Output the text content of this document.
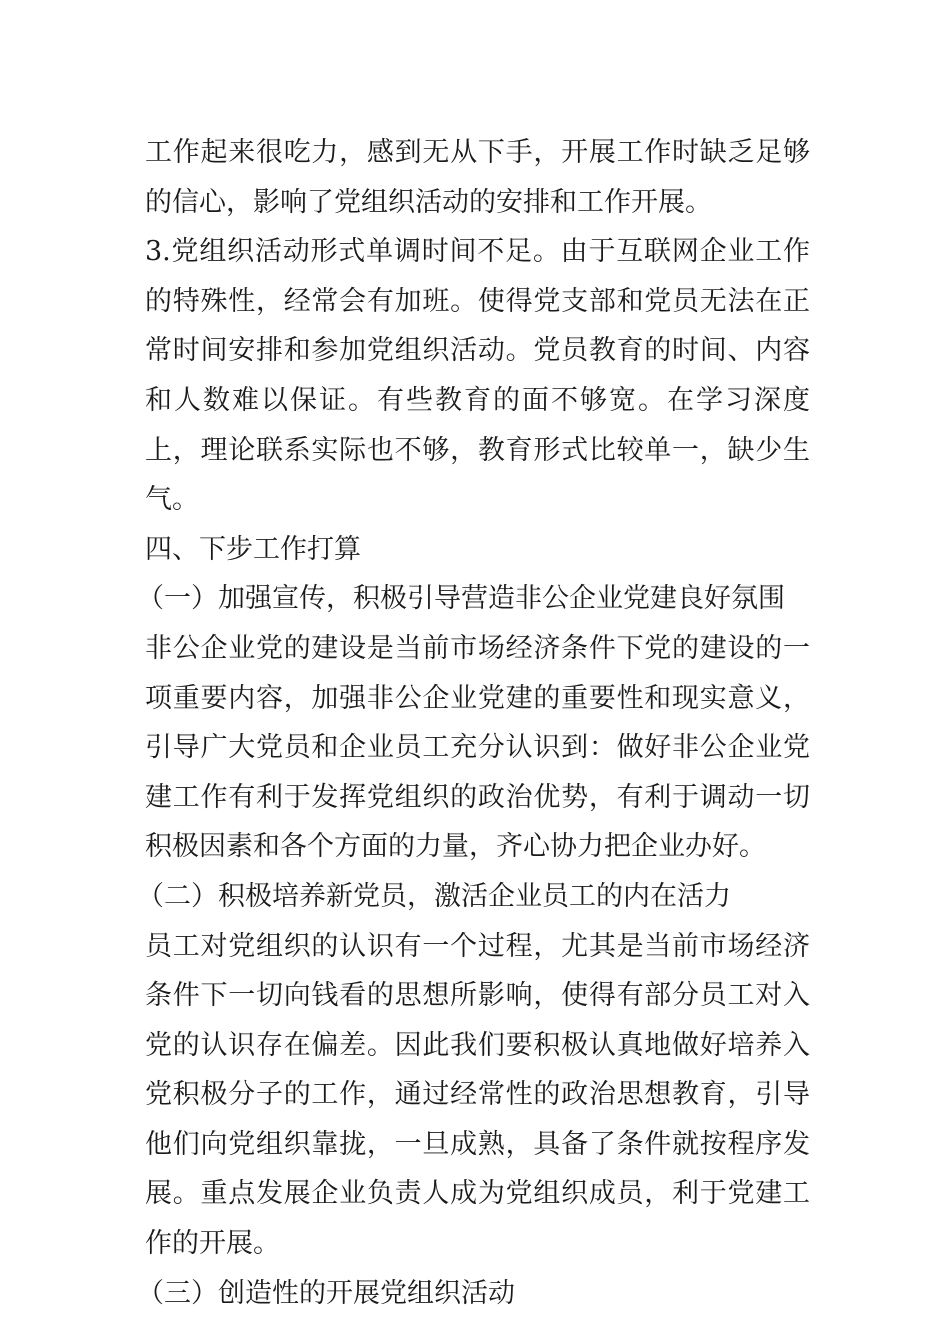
工作起来很吃力，感到无从下手，开展工作时缺乏足够的信心，影响了党组织活动的安排和工作开展。

3.党组织活动形式单调时间不足。由于互联网企业工作的特殊性，经常会有加班。使得党支部和党员无法在正常时间安排和参加党组织活动。党员教育的时间、内容和人数难以保证。有些教育的面不够宽。在学习深度上，理论联系实际也不够，教育形式比较单一，缺少生气。

四、下步工作打算

（一）加强宣传，积极引导营造非公企业党建良好氛围

非公企业党的建设是当前市场经济条件下党的建设的一项重要内容，加强非公企业党建的重要性和现实意义，引导广大党员和企业员工充分认识到：做好非公企业党建工作有利于发挥党组织的政治优势，有利于调动一切积极因素和各个方面的力量，齐心协力把企业办好。

（二）积极培养新党员，激活企业员工的内在活力

员工对党组织的认识有一个过程，尤其是当前市场经济条件下一切向钱看的思想所影响，使得有部分员工对入党的认识存在偏差。因此我们要积极认真地做好培养入党积极分子的工作，通过经常性的政治思想教育，引导他们向党组织靠拢，一旦成熟，具备了条件就按程序发展。重点发展企业负责人成为党组织成员，利于党建工作的开展。

（三）创造性的开展党组织活动
